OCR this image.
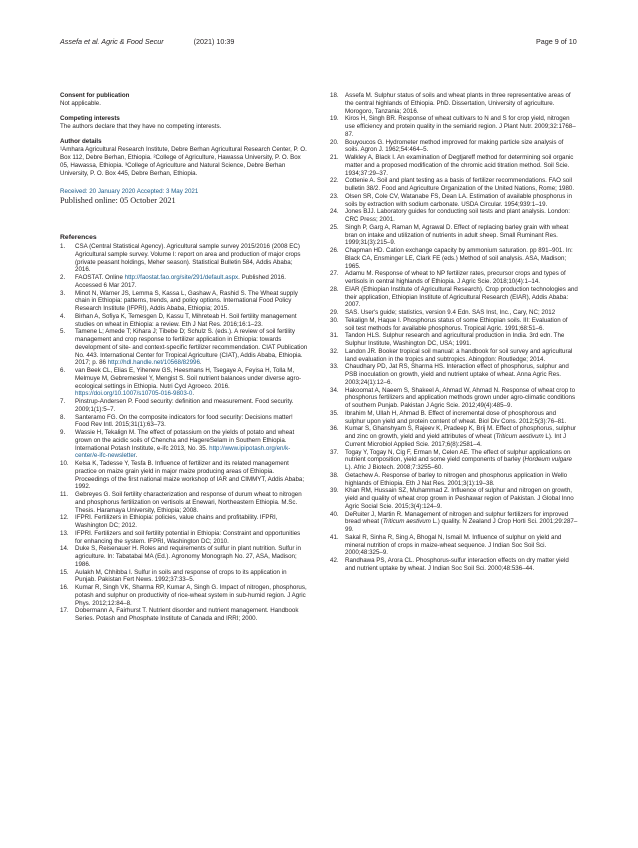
Assefa et al. Agric & Food Secur	(2021) 10:39	Page 9 of 10

Consent for publication

Not applicable.

Competing interests

The authors declare that they have no competing interests.

Author details

¹Amhara Agricultural Research Institute, Debre Berhan Agricultural Research Center, P. O. Box 112, Debre Berhan, Ethiopia. ²College of Agriculture, Hawassa University, P. O. Box 05, Hawassa, Ethiopia. ³College of Agriculture and Natural Science, Debre Berhan University, P. O. Box 445, Debre Berhan, Ethiopia.

Received: 20 January 2020 Accepted: 3 May 2021
Published online: 05 October 2021

References

1. CSA (Central Statistical Agency). Agricultural sample survey 2015/2016 (2008 EC) Agricultural sample survey. Volume I: report on area and production of major crops (private peasant holdings, Meher season). Statistical Bulletin 584, Addis Ababa; 2016.
2. FAOSTAT. Online http://faostat.fao.org/site/291/default.aspx. Published 2016. Accessed 6 Mar 2017.
3. Minot N, Warner JS, Lemma S, Kassa L, Gashaw A, Rashid S. The Wheat supply chain in Ethiopia: patterns, trends, and policy options. International Food Policy Research Institute (IFPRI), Addis Ababa, Ethiopia; 2015.
4. Birhan A, Sofiya K, Temesgen D, Kassu T, Mihreteab H. Soil fertility management studies on wheat in Ethiopia: a review. Eth J Nat Res. 2016;16:1–23.
5. Tamene L; Amede T; Kihara J; Tibebe D; Schulz S. (eds.). A review of soil fertility management and crop response to fertilizer application in Ethiopia: towards development of site- and context-specific fertilizer recommendation. CIAT Publication No. 443. International Center for Tropical Agriculture (CIAT), Addis Ababa, Ethiopia. 2017; p. 86 http://hdl.handle.net/10568/82996.
6. van Beek CL, Elias E, Yihenew GS, Heesmans H, Tsegaye A, Feyisa H, Tolla M, Melmuye M, Gebremeskel Y, Mengist S. Soil nutrient balances under diverse agro- ecological settings in Ethiopia. Nutri Cycl Agroeco. 2016. https://doi.org/10.1007/s10705-016-9803-0.
7. Pinstrup-Andersen P. Food security: definition and measurement. Food security. 2009;1(1):5–7.
8. Santeramo FG. On the composite indicators for food security: Decisions matter! Food Rev Intl. 2015;31(1):63–73.
9. Wassie H, Tekalign M. The effect of potassium on the yields of potato and wheat grown on the acidic soils of Chencha and HagereSelam in Southern Ethiopia. International Potash Institute, e-ifc 2013, No. 35. http://www.ipipotash.org/en/k-center/e-ifc-newsletter.
10. Kelsa K, Tadesse Y, Tesfa B. Influence of fertilizer and its related management practice on maize grain yield in major maize producing areas of Ethiopia. Proceedings of the first national maize workshop of IAR and CIMMYT, Addis Ababa; 1992.
11. Gebreyes G. Soil fertility characterization and response of durum wheat to nitrogen and phosphorus fertilization on vertisols at Enewari, Northeastern Ethiopia. M.Sc. Thesis. Haramaya University, Ethiopia; 2008.
12. IFPRI. Fertilizers in Ethiopia: policies, value chains and profitability. IFPRI, Washington DC; 2012.
13. IFPRI. Fertilizers and soil fertility potential in Ethiopia: Constraint and opportunities for enhancing the system. IFPRI, Washington DC; 2010.
14. Duke S, Reisenauer H. Roles and requirements of sulfur in plant nutrition. Sulfur in agriculture. In: Tabatabai MA (Ed.). Agronomy Monograph No. 27, ASA, Madison; 1986.
15. Aulakh M, Chhibba I. Sulfur in soils and response of crops to its application in Punjab. Pakistan Fert News. 1992;37:33–5.
16. Kumar R, Singh VK, Sharma RP, Kumar A, Singh G. Impact of nitrogen, phosphorus, potash and sulphur on productivity of rice-wheat system in sub-humid region. J Agric Phys. 2012;12:84–8.
17. Dobermann A, Fairhurst T. Nutrient disorder and nutrient management. Handbook Series. Potash and Phosphate Institute of Canada and IRRI; 2000.
18. Assefa M. Sulphur status of soils and wheat plants in three representative areas of the central highlands of Ethiopia. PhD. Dissertation, University of agriculture. Morogoro, Tanzania; 2016.
19. Kiros H, Singh BR. Response of wheat cultivars to N and S for crop yield, nitrogen use efficiency and protein quality in the semiarid region. J Plant Nutr. 2009;32:1768–87.
20. Bouyoucos G. Hydrometer method improved for making particle size analysis of soils. Agron J. 1962;54:464–5.
21. Walkley A, Black I. An examination of Degtjareff method for determining soil organic matter and a proposed modification of the chromic acid titration method. Soil Scie. 1934;37:29–37.
22. Cottenie A. Soil and plant testing as a basis of fertilizer recommendations. FAO soil bulletin 38/2. Food and Agriculture Organization of the United Nations, Rome; 1980.
23. Olsen SR, Cole CV, Watanabe FS, Dean LA. Estimation of available phosphorus in soils by extraction with sodium carbonate. USDA Circular. 1954;939:1–19.
24. Jones BJJ. Laboratory guides for conducting soil tests and plant analysis. London: CRC Press; 2001.
25. Singh P, Garg A, Raman M, Agrawal D. Effect of replacing barley grain with wheat bran on intake and utilization of nutrients in adult sheep. Small Ruminant Res. 1999;31(3):215–9.
26. Chapman HD. Cation exchange capacity by ammonium saturation. pp 891–901. In: Black CA, Ensminger LE, Clark FE (eds.) Method of soil analysis. ASA, Madison; 1965.
27. Adamu M. Response of wheat to NP fertilizer rates, precursor crops and types of vertisols in central highlands of Ethiopia. J Agric Scie. 2018;10(4):1–14.
28. EIAR (Ethiopian Institute of Agricultural Research). Crop production technologies and their application, Ethiopian Institute of Agricultural Research (EIAR), Addis Ababa: 2007.
29. SAS. User's guide; statistics, version 9.4 Edn. SAS Inst, Inc., Cary, NC; 2012
30. Tekalign M, Haque I. Phosphorus status of some Ethiopian soils. III: Evaluation of soil test methods for available phosphorus. Tropical Agric. 1991;68:51–6.
31. Tandon HLS. Sulphur research and agricultural production in India. 3rd edn. The Sulphur Institute, Washington DC, USA; 1991.
32. Landon JR. Booker tropical soil manual: a handbook for soil survey and agricultural land evaluation in the tropics and subtropics. Abingdon: Routledge; 2014.
33. Chaudhary PD, Jat RS, Sharma HS. Interaction effect of phosphorus, sulphur and PSB inoculation on growth, yield and nutrient uptake of wheat. Anna Agric Res. 2003;24(1):12–6.
34. Hakoomat A, Naeem S, Shakeel A, Ahmad W, Ahmad N. Response of wheat crop to phosphorus fertilizers and application methods grown under agro-climatic conditions of southern Punjab. Pakistan J Agric Scie. 2012;49(4):485–9.
35. Ibrahim M, Ullah H, Ahmad B. Effect of incremental dose of phosphorous and sulphur upon yield and protein content of wheat. Biol Div Cons. 2012;5(3):76–81.
36. Kumar S, Ghanshyam S, Rajeev K, Pradeep K, Brij M. Effect of phosphorus, sulphur and zinc on growth, yield and yield attributes of wheat (Triticum aestivum L). Int J Current Microbiol Applied Scie. 2017;6(8):2581–4.
37. Togay Y, Togay N, Cig F, Erman M, Celen AE. The effect of sulphur applications on nutrient composition, yield and some yield components of barley (Hordeum vulgare L). Afric J Biotech. 2008;7:3255–60.
38. Getachew A. Response of barley to nitrogen and phosphorus application in Wello highlands of Ethiopia. Eth J Nat Res. 2001;3(1):19–38.
39. Khan RM, Hussain SZ, Muhammad Z. Influence of sulphur and nitrogen on growth, yield and quality of wheat crop grown in Peshawar region of Pakistan. J Global Inno Agric Social Scie. 2015;3(4):124–9.
40. DeRuiter J, Martin R. Management of nitrogen and sulphur fertilizers for improved bread wheat (Triticum aestivum L.) quality. N Zealand J Crop Horti Sci. 2001;29:287–99.
41. Sakal R, Sinha R, Sing A, Bhogal N, Ismail M. Influence of sulphur on yield and mineral nutrition of crops in maize-wheat sequence. J Indian Soc Soil Sci. 2000;48:325–9.
42. Randhawa PS, Arora CL. Phosphorus-sulfur interaction effects on dry matter yield and nutrient uptake by wheat. J Indian Soc Soil Sci. 2000;48:536–44.
